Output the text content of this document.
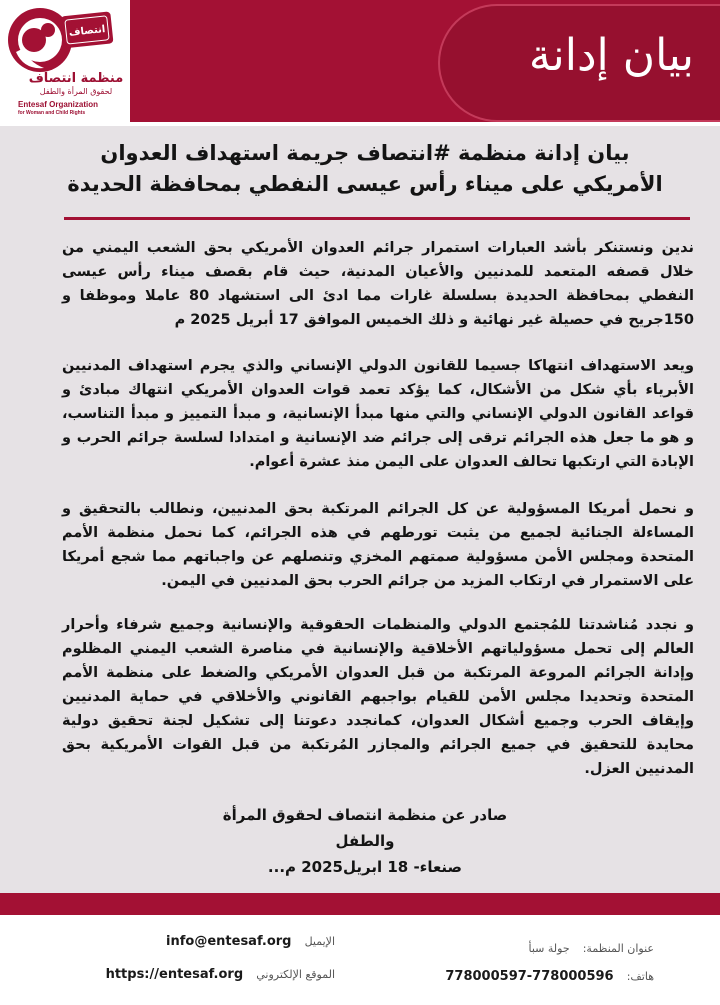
بيان إدانة
انتصاف
منظمة انتصاف
لحقوق المرأة والطفل
Entesaf Organization
for Woman and Child Rights
بيان إدانة منظمة #انتصاف جريمة استهداف العدوان الأمريكي على ميناء رأس عيسى النفطي بمحافظة الحديدة
ندين ونستنكر بأشد العبارات استمرار جرائم العدوان الأمريكي بحق الشعب اليمني من خلال قصفه المتعمد للمدنيين والأعيان المدنية، حيث قام بقصف ميناء رأس عيسى النفطي بمحافظة الحديدة بسلسلة غارات مما ادئ الى استشهاد 80 عاملا وموظفا و 150جريح في حصيلة غير نهائية و ذلك الخميس الموافق 17 أبريل 2025 م
ويعد الاستهداف انتهاكا جسيما للقانون الدولي الإنساني والذي يجرم استهداف المدنيين الأبرياء بأي شكل من الأشكال، كما يؤكد تعمد قوات العدوان الأمريكي انتهاك مبادئ و قواعد القانون الدولي الإنساني والتي منها مبدأ الإنسانية، و مبدأ التمييز و مبدأ التناسب، و هو ما جعل هذه الجرائم ترقى إلى جرائم ضد الإنسانية و امتدادا لسلسة جرائم الحرب و الإبادة التي ارتكبها تحالف العدوان على اليمن منذ عشرة أعوام.
و نحمل أمريكا المسؤولية عن كل الجرائم المرتكبة بحق المدنيين، ونطالب بالتحقيق و المساءلة الجنائية لجميع من يثبت تورطهم في هذه الجرائم، كما نحمل منظمة الأمم المتحدة ومجلس الأمن مسؤولية صمتهم المخزي وتنصلهم عن واجباتهم مما شجع أمريكا على الاستمرار في ارتكاب المزيد من جرائم الحرب بحق المدنيين في اليمن.
و نجدد مُناشدتنا للمُجتمع الدولي والمنظمات الحقوقية والإنسانية وجميع شرفاء وأحرار العالم إلى تحمل مسؤولياتهم الأخلاقية والإنسانية في مناصرة الشعب اليمني المظلوم وإدانة الجرائم المروعة المرتكبة من قبل العدوان الأمريكي والضغط على منظمة الأمم المتحدة وتحديدا مجلس الأمن للقيام بواجبهم القانوني والأخلاقي في حماية المدنيين وإيقاف الحرب وجميع أشكال العدوان، كمانجدد دعوتنا إلى تشكيل لجنة تحقيق دولية محايدة للتحقيق في جميع الجرائم والمجازر المُرتكبة من قبل القوات الأمريكية بحق المدنيين العزل.
صادر عن منظمة انتصاف لحقوق المرأة والطفل
صنعاء- 18 ابريل2025 م...
عنوان المنظمة: جولة سبأ
هاتف: 778000597-778000596
الإيميل info@entesaf.org
الموقع الإلكتروني https://entesaf.org
